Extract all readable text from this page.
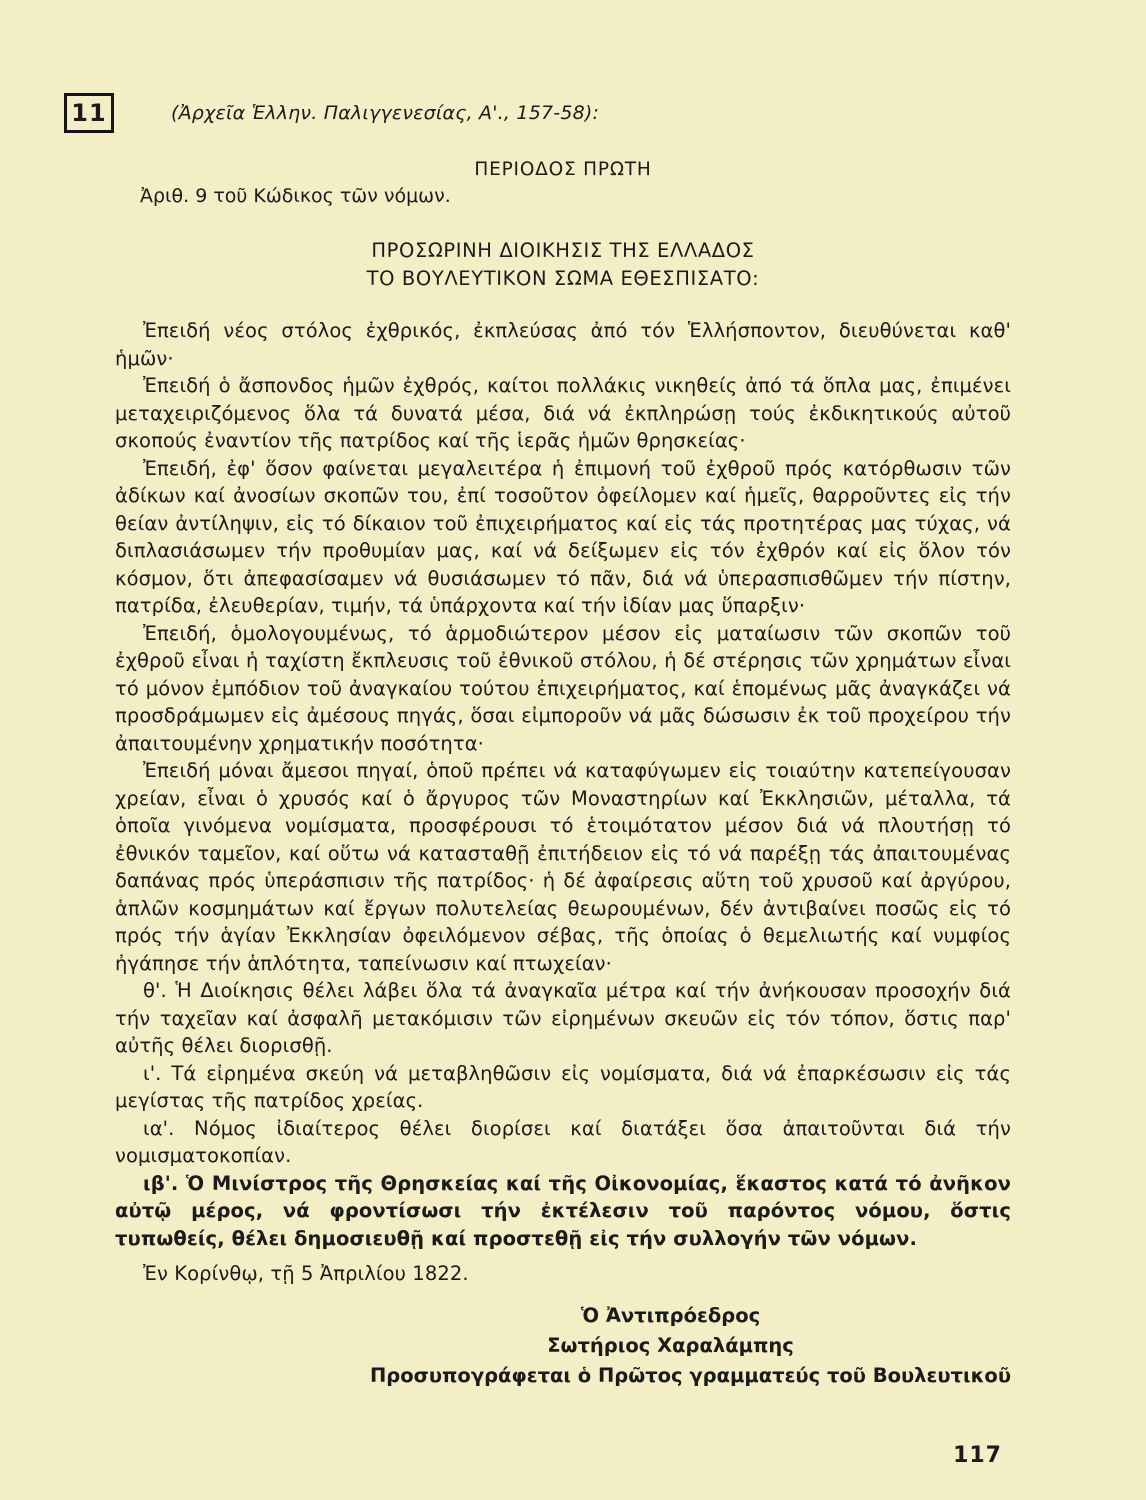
11	(Ἀρχεῖα Ἑλλην. Παλιγγενεσίας, Α'., 157-58):
ΠΕΡΙΟΔΟΣ ΠΡΩΤΗ
Ἀριθ. 9 τοῦ Κώδικος τῶν νόμων.
ΠΡΟΣΩΡΙΝΗ ΔΙΟΙΚΗΣΙΣ ΤΗΣ ΕΛΛΑΔΟΣ
ΤΟ ΒΟΥΛΕΥΤΙΚΟΝ ΣΩΜΑ ΕΘΕΣΠΙΣΑΤΟ:

Ἐπειδή νέος στόλος ἐχθρικός, ἐκπλεύσας ἀπό τόν Ἑλλήσποντον, διευθύνεται καθ' ἡμῶν·

Ἐπειδή ὁ ἄσπονδος ἡμῶν ἐχθρός, καίτοι πολλάκις νικηθείς ἀπό τά ὅπλα μας, ἐπιμένει μεταχειριζόμενος ὅλα τά δυνατά μέσα, διά νά ἐκπληρώσῃ τούς ἐκδικητικούς αὐτοῦ σκοπούς ἐναντίον τῆς πατρίδος καί τῆς ἱερᾶς ἡμῶν θρησκείας·

Ἐπειδή, ἐφ' ὅσον φαίνεται μεγαλειτέρα ἡ ἐπιμονή τοῦ ἐχθροῦ πρός κατόρθωσιν τῶν ἀδίκων καί ἀνοσίων σκοπῶν του, ἐπί τοσοῦτον ὀφείλομεν καί ἡμεῖς, θαρροῦντες εἰς τήν θείαν ἀντίληψιν, εἰς τό δίκαιον τοῦ ἐπιχειρήματος καί εἰς τάς προτητέρας μας τύχας, νά διπλασιάσωμεν τήν προθυμίαν μας, καί νά δείξωμεν εἰς τόν ἐχθρόν καί εἰς ὅλον τόν κόσμον, ὅτι ἀπεφασίσαμεν νά θυσιάσωμεν τό πᾶν, διά νά ὑπερασπισθῶμεν τήν πίστην, πατρίδα, ἐλευθερίαν, τιμήν, τά ὑπάρχοντα καί τήν ἰδίαν μας ὕπαρξιν·

Ἐπειδή, ὁμολογουμένως, τό ἁρμοδιώτερον μέσον εἰς ματαίωσιν τῶν σκοπῶν τοῦ ἐχθροῦ εἶναι ἡ ταχίστη ἔκπλευσις τοῦ ἐθνικοῦ στόλου, ἡ δέ στέρησις τῶν χρημάτων εἶναι τό μόνον ἐμπόδιον τοῦ ἀναγκαίου τούτου ἐπιχειρήματος, καί ἑπομένως μᾶς ἀναγκάζει νά προσδράμωμεν εἰς ἀμέσους πηγάς, ὅσαι εἰμποροῦν νά μᾶς δώσωσιν ἐκ τοῦ προχείρου τήν ἀπαιτουμένην χρηματικήν ποσότητα·

Ἐπειδή μόναι ἄμεσοι πηγαί, ὁποῦ πρέπει νά καταφύγωμεν εἰς τοιαύτην κατεπείγουσαν χρείαν, εἶναι ὁ χρυσός καί ὁ ἄργυρος τῶν Μοναστηρίων καί Ἐκκλησιῶν, μέταλλα, τά ὁποῖα γινόμενα νομίσματα, προσφέρουσι τό ἑτοιμότατον μέσον διά νά πλουτήσῃ τό ἐθνικόν ταμεῖον, καί οὕτω νά κατασταθῇ ἐπιτήδειον εἰς τό νά παρέξῃ τάς ἀπαιτουμένας δαπάνας πρός ὑπεράσπισιν τῆς πατρίδος· ἡ δέ ἀφαίρεσις αὕτη τοῦ χρυσοῦ καί ἀργύρου, ἁπλῶν κοσμημάτων καί ἔργων πολυτελείας θεωρουμένων, δέν ἀντιβαίνει ποσῶς εἰς τό πρός τήν ἁγίαν Ἐκκλησίαν ὀφειλόμενον σέβας, τῆς ὁποίας ὁ θεμελιωτής καί νυμφίος ἠγάπησε τήν ἁπλότητα, ταπείνωσιν καί πτωχείαν·

θ'. Ἡ Διοίκησις θέλει λάβει ὅλα τά ἀναγκαῖα μέτρα καί τήν ἀνήκουσαν προσοχήν διά τήν ταχεῖαν καί ἀσφαλῆ μετακόμισιν τῶν εἰρημένων σκευῶν εἰς τόν τόπον, ὅστις παρ' αὐτῆς θέλει διορισθῇ.

ι'. Τά εἰρημένα σκεύη νά μεταβληθῶσιν εἰς νομίσματα, διά νά ἐπαρκέσωσιν εἰς τάς μεγίστας τῆς πατρίδος χρείας.

ια'. Νόμος ἰδιαίτερος θέλει διορίσει καί διατάξει ὅσα ἀπαιτοῦνται διά τήν νομισματοκοπίαν.

ιβ'. Ὁ Μινίστρος τῆς Θρησκείας καί τῆς Οἰκονομίας, ἕκαστος κατά τό ἀνῆκον αὐτῷ μέρος, νά φροντίσωσι τήν ἐκτέλεσιν τοῦ παρόντος νόμου, ὅστις τυπωθείς, θέλει δημοσιευθῇ καί προστεθῇ εἰς τήν συλλογήν τῶν νόμων.

Ἐν Κορίνθῳ, τῇ 5 Ἀπριλίου 1822.

Ὁ Ἀντιπρόεδρος
Σωτήριος Χαραλάμπης
Προσυπογράφεται ὁ Πρῶτος γραμματεύς τοῦ Βουλευτικοῦ
117
